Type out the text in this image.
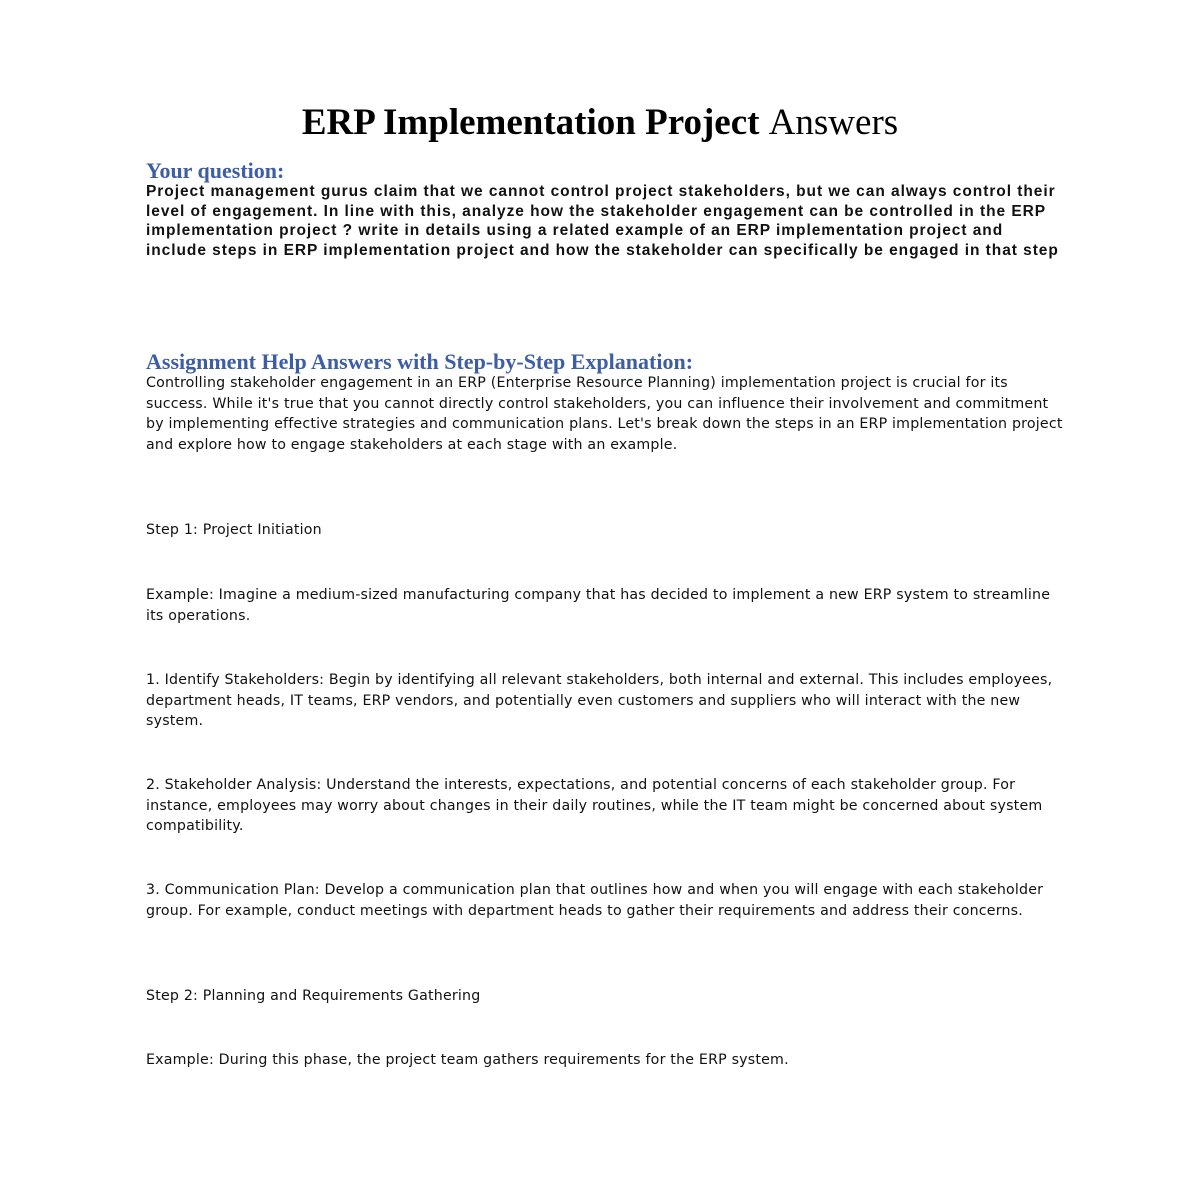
ERP Implementation Project Answers
Your question:

Project management gurus claim that we cannot control project stakeholders, but we can always control their level of engagement. In line with this, analyze how the stakeholder engagement can be controlled in the ERP implementation project ? write in details using a related example of an ERP implementation project and include steps in ERP implementation project and how the stakeholder can specifically be engaged in that step

Assignment Help Answers with Step-by-Step Explanation:

Controlling stakeholder engagement in an ERP (Enterprise Resource Planning) implementation project is crucial for its success. While it's true that you cannot directly control stakeholders, you can influence their involvement and commitment by implementing effective strategies and communication plans. Let's break down the steps in an ERP implementation project and explore how to engage stakeholders at each stage with an example.

Step 1: Project Initiation

Example: Imagine a medium-sized manufacturing company that has decided to implement a new ERP system to streamline its operations.

1. Identify Stakeholders: Begin by identifying all relevant stakeholders, both internal and external. This includes employees, department heads, IT teams, ERP vendors, and potentially even customers and suppliers who will interact with the new system.

2. Stakeholder Analysis: Understand the interests, expectations, and potential concerns of each stakeholder group. For instance, employees may worry about changes in their daily routines, while the IT team might be concerned about system compatibility.

3. Communication Plan: Develop a communication plan that outlines how and when you will engage with each stakeholder group. For example, conduct meetings with department heads to gather their requirements and address their concerns.

Step 2: Planning and Requirements Gathering

Example: During this phase, the project team gathers requirements for the ERP system.
